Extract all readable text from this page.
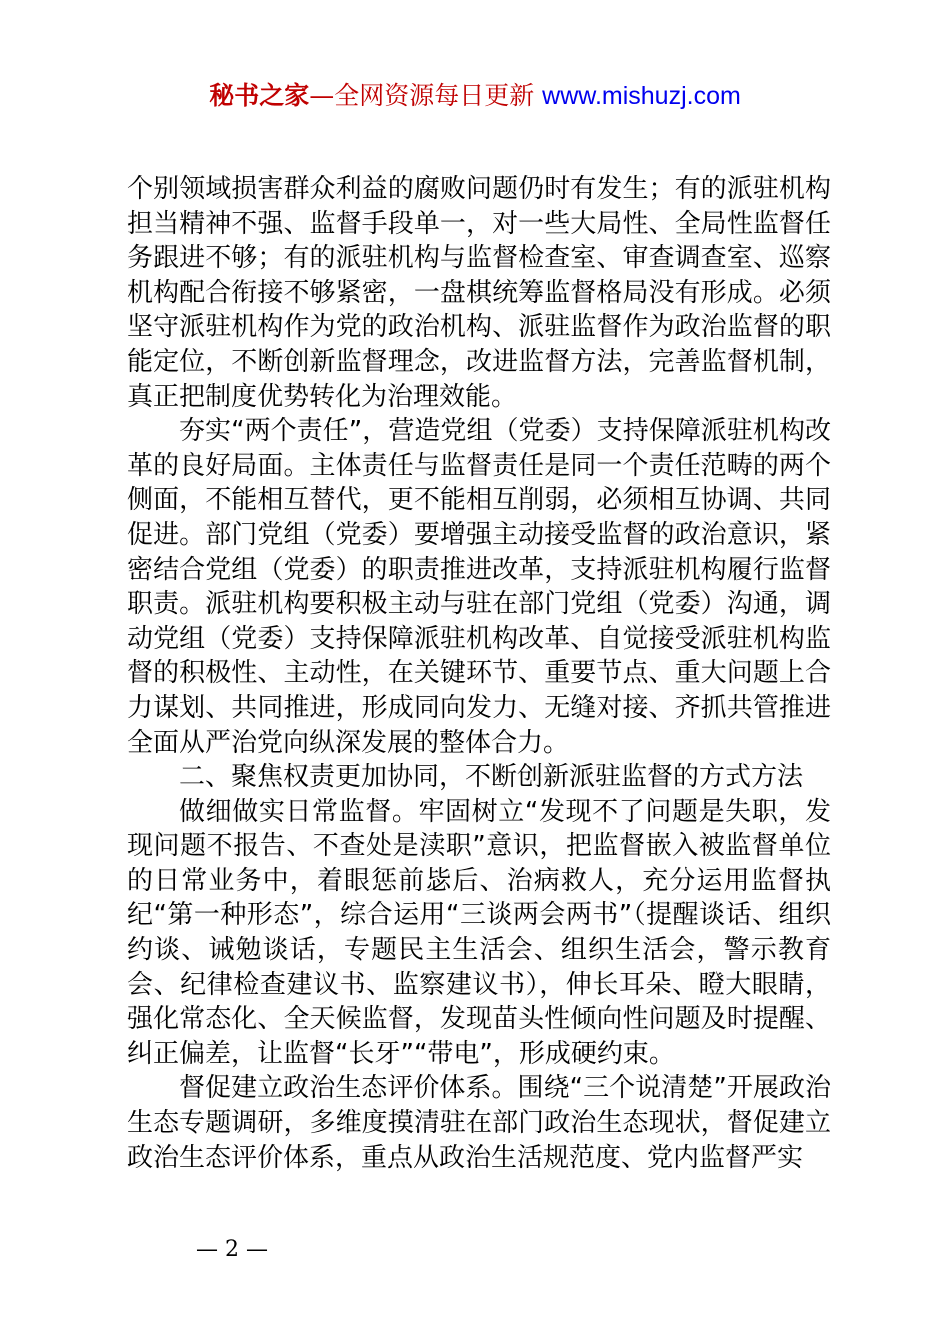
秘书之家—全网资源每日更新 www.mishuzj.com

个别领域损害群众利益的腐败问题仍时有发生；有的派驻机构担当精神不强、监督手段单一，对一些大局性、全局性监督任务跟进不够；有的派驻机构与监督检查室、审查调查室、巡察机构配合衔接不够紧密，一盘棋统筹监督格局没有形成。必须坚守派驻机构作为党的政治机构、派驻监督作为政治监督的职能定位，不断创新监督理念，改进监督方法，完善监督机制，真正把制度优势转化为治理效能。

夯实“两个责任”，营造党组（党委）支持保障派驻机构改革的良好局面。主体责任与监督责任是同一个责任范畴的两个侧面，不能相互替代，更不能相互削弱，必须相互协调、共同促进。部门党组（党委）要增强主动接受监督的政治意识，紧密结合党组（党委）的职责推进改革，支持派驻机构履行监督职责。派驻机构要积极主动与驻在部门党组（党委）沟通，调动党组（党委）支持保障派驻机构改革、自觉接受派驻机构监督的积极性、主动性，在关键环节、重要节点、重大问题上合力谋划、共同推进，形成同向发力、无缝对接、齐抓共管推进全面从严治党向纵深发展的整体合力。

二、聚焦权责更加协同，不断创新派驻监督的方式方法

做细做实日常监督。牢固树立“发现不了问题是失职，发现问题不报告、不查处是渎职”意识，把监督嵌入被监督单位的日常业务中，着眼惩前毖后、治病救人，充分运用监督执纪“第一种形态”，综合运用“三谈两会两书”（提醒谈话、组织约谈、诫勉谈话，专题民主生活会、组织生活会，警示教育会、纪律检查建议书、监察建议书），伸长耳朵、瞪大眼睛，强化常态化、全天候监督，发现苗头性倾向性问题及时提醒、纠正偏差，让监督“长牙”“带电”，形成硬约束。

督促建立政治生态评价体系。围绕“三个说清楚”开展政治生态专题调研，多维度摸清驻在部门政治生态现状，督促建立政治生态评价体系，重点从政治生活规范度、党内监督严实

— 2 —
